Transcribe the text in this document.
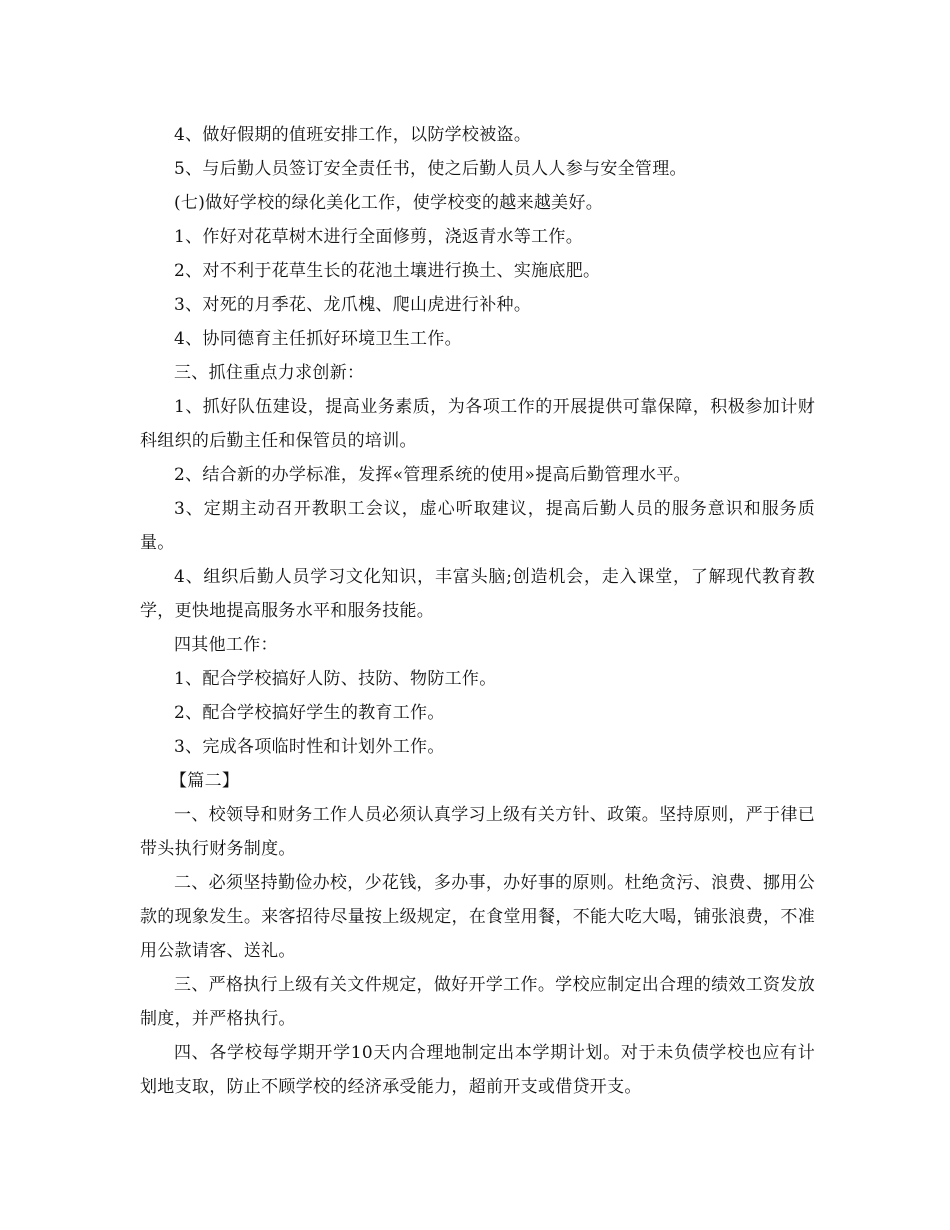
4、做好假期的值班安排工作，以防学校被盗。

5、与后勤人员签订安全责任书，使之后勤人员人人参与安全管理。

(七)做好学校的绿化美化工作，使学校变的越来越美好。

1、作好对花草树木进行全面修剪，浇返青水等工作。

2、对不利于花草生长的花池土壤进行换土、实施底肥。

3、对死的月季花、龙爪槐、爬山虎进行补种。

4、协同德育主任抓好环境卫生工作。

三、抓住重点力求创新：

1、抓好队伍建设，提高业务素质，为各项工作的开展提供可靠保障，积极参加计财科组织的后勤主任和保管员的培训。

2、结合新的办学标准，发挥«管理系统的使用»提高后勤管理水平。

3、定期主动召开教职工会议，虚心听取建议，提高后勤人员的服务意识和服务质量。

4、组织后勤人员学习文化知识，丰富头脑;创造机会，走入课堂，了解现代教育教学，更快地提高服务水平和服务技能。

四其他工作：

1、配合学校搞好人防、技防、物防工作。

2、配合学校搞好学生的教育工作。

3、完成各项临时性和计划外工作。

【篇二】

一、校领导和财务工作人员必须认真学习上级有关方针、政策。坚持原则，严于律已带头执行财务制度。

二、必须坚持勤俭办校，少花钱，多办事，办好事的原则。杜绝贪污、浪费、挪用公款的现象发生。来客招待尽量按上级规定，在食堂用餐，不能大吃大喝，铺张浪费，不准用公款请客、送礼。

三、严格执行上级有关文件规定，做好开学工作。学校应制定出合理的绩效工资发放制度，并严格执行。

四、各学校每学期开学10天内合理地制定出本学期计划。对于未负债学校也应有计划地支取，防止不顾学校的经济承受能力，超前开支或借贷开支。
